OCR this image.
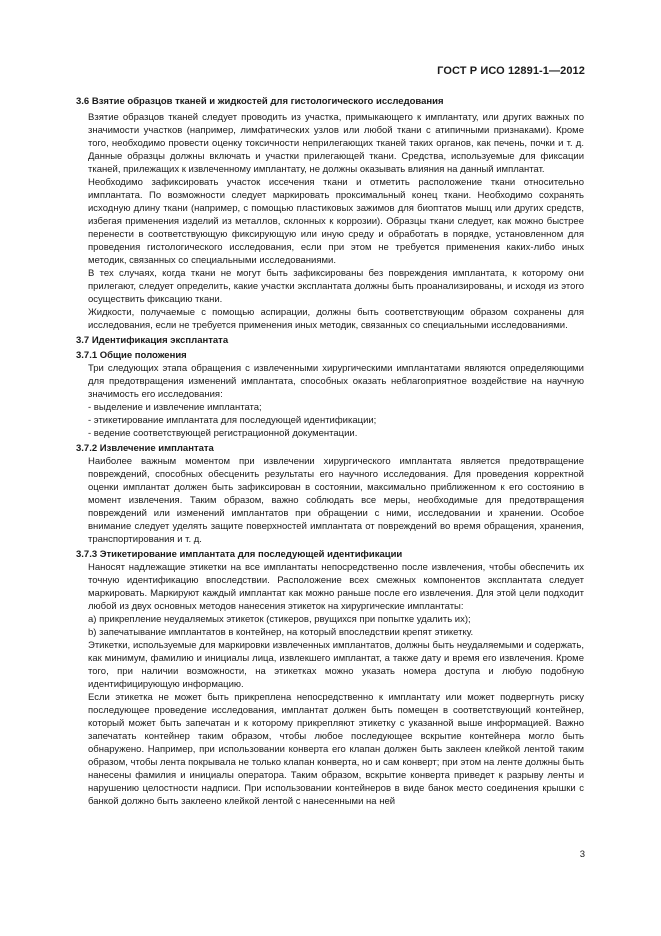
ГОСТ Р ИСО 12891-1—2012
3.6 Взятие образцов тканей и жидкостей для гистологического исследования

Взятие образцов тканей следует проводить из участка, примыкающего к имплантату, или других важных по значимости участков (например, лимфатических узлов или любой ткани с атипичными признаками). Кроме того, необходимо провести оценку токсичности неприлегающих тканей таких органов, как печень, почки и т. д. Данные образцы должны включать и участки прилегающей ткани. Средства, используемые для фиксации тканей, прилежащих к извлеченному имплантату, не должны оказывать влияния на данный имплантат.

Необходимо зафиксировать участок иссечения ткани и отметить расположение ткани относительно имплантата. По возможности следует маркировать проксимальный конец ткани. Необходимо сохранять исходную длину ткани (например, с помощью пластиковых зажимов для биоптатов мышц или других средств, избегая применения изделий из металлов, склонных к коррозии). Образцы ткани следует, как можно быстрее перенести в соответствующую фиксирующую или иную среду и обработать в порядке, установленном для проведения гистологического исследования, если при этом не требуется применения каких-либо иных методик, связанных со специальными исследованиями.

В тех случаях, когда ткани не могут быть зафиксированы без повреждения имплантата, к которому они прилегают, следует определить, какие участки эксплантата должны быть проанализированы, и исходя из этого осуществить фиксацию ткани.

Жидкости, получаемые с помощью аспирации, должны быть соответствующим образом сохранены для исследования, если не требуется применения иных методик, связанных со специальными исследованиями.

3.7 Идентификация эксплантата
3.7.1 Общие положения

Три следующих этапа обращения с извлеченными хирургическими имплантатами являются определяющими для предотвращения изменений имплантата, способных оказать неблагоприятное воздействие на научную значимость его исследования:

- выделение и извлечение имплантата;

- этикетирование имплантата для последующей идентификации;

- ведение соответствующей регистрационной документации.

3.7.2 Извлечение имплантата

Наиболее важным моментом при извлечении хирургического имплантата является предотвращение повреждений, способных обесценить результаты его научного исследования. Для проведения корректной оценки имплантат должен быть зафиксирован в состоянии, максимально приближенном к его состоянию в момент извлечения. Таким образом, важно соблюдать все меры, необходимые для предотвращения повреждений или изменений имплантатов при обращении с ними, исследовании и хранении. Особое внимание следует уделять защите поверхностей имплантата от повреждений во время обращения, хранения, транспортирования и т. д.

3.7.3 Этикетирование имплантата для последующей идентификации

Наносят надлежащие этикетки на все имплантаты непосредственно после извлечения, чтобы обеспечить их точную идентификацию впоследствии. Расположение всех смежных компонентов эксплантата следует маркировать. Маркируют каждый имплантат как можно раньше после его извлечения. Для этой цели подходит любой из двух основных методов нанесения этикеток на хирургические имплантаты:

a) прикрепление неудаляемых этикеток (стикеров, рвущихся при попытке удалить их);

b) запечатывание имплантатов в контейнер, на который впоследствии крепят этикетку.

Этикетки, используемые для маркировки извлеченных имплантатов, должны быть неудаляемыми и содержать, как минимум, фамилию и инициалы лица, извлекшего имплантат, а также дату и время его извлечения. Кроме того, при наличии возможности, на этикетках можно указать номера доступа и любую подобную идентифицирующую информацию.

Если этикетка не может быть прикреплена непосредственно к имплантату или может подвергнуть риску последующее проведение исследования, имплантат должен быть помещен в соответствующий контейнер, который может быть запечатан и к которому прикрепляют этикетку с указанной выше информацией. Важно запечатать контейнер таким образом, чтобы любое последующее вскрытие контейнера могло быть обнаружено. Например, при использовании конверта его клапан должен быть заклеен клейкой лентой таким образом, чтобы лента покрывала не только клапан конверта, но и сам конверт; при этом на ленте должны быть нанесены фамилия и инициалы оператора. Таким образом, вскрытие конверта приведет к разрыву ленты и нарушению целостности надписи. При использовании контейнеров в виде банок место соединения крышки с банкой должно быть заклеено клейкой лентой с нанесенными на ней

3
